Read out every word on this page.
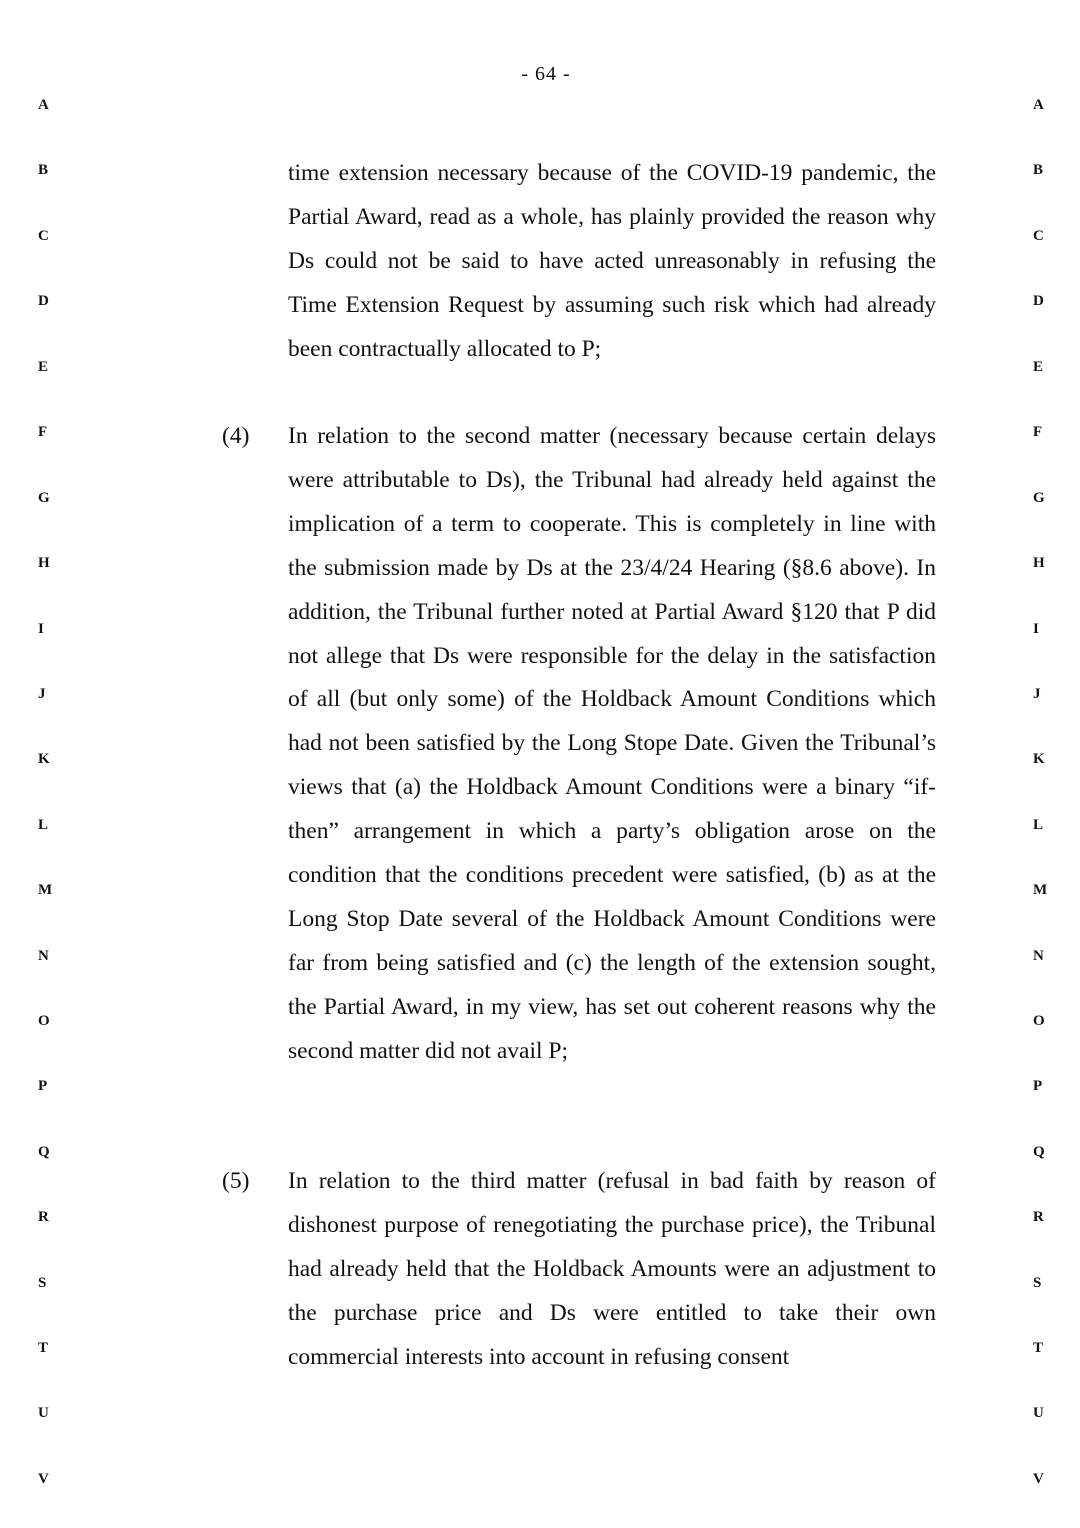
- 64 -
A
B
C
D
E
F
G
H
I
J
K
L
M
N
O
P
Q
R
S
T
U
V
A
B
C
D
E
F
G
H
I
J
K
L
M
N
O
P
Q
R
S
T
U
V

time extension necessary because of the COVID-19 pandemic, the Partial Award, read as a whole, has plainly provided the reason why Ds could not be said to have acted unreasonably in refusing the Time Extension Request by assuming such risk which had already been contractually allocated to P;

(4) In relation to the second matter (necessary because certain delays were attributable to Ds), the Tribunal had already held against the implication of a term to cooperate. This is completely in line with the submission made by Ds at the 23/4/24 Hearing (§8.6 above). In addition, the Tribunal further noted at Partial Award §120 that P did not allege that Ds were responsible for the delay in the satisfaction of all (but only some) of the Holdback Amount Conditions which had not been satisfied by the Long Stope Date. Given the Tribunal’s views that (a) the Holdback Amount Conditions were a binary “if-then” arrangement in which a party’s obligation arose on the condition that the conditions precedent were satisfied, (b) as at the Long Stop Date several of the Holdback Amount Conditions were far from being satisfied and (c) the length of the extension sought, the Partial Award, in my view, has set out coherent reasons why the second matter did not avail P;

(5) In relation to the third matter (refusal in bad faith by reason of dishonest purpose of renegotiating the purchase price), the Tribunal had already held that the Holdback Amounts were an adjustment to the purchase price and Ds were entitled to take their own commercial interests into account in refusing consent
